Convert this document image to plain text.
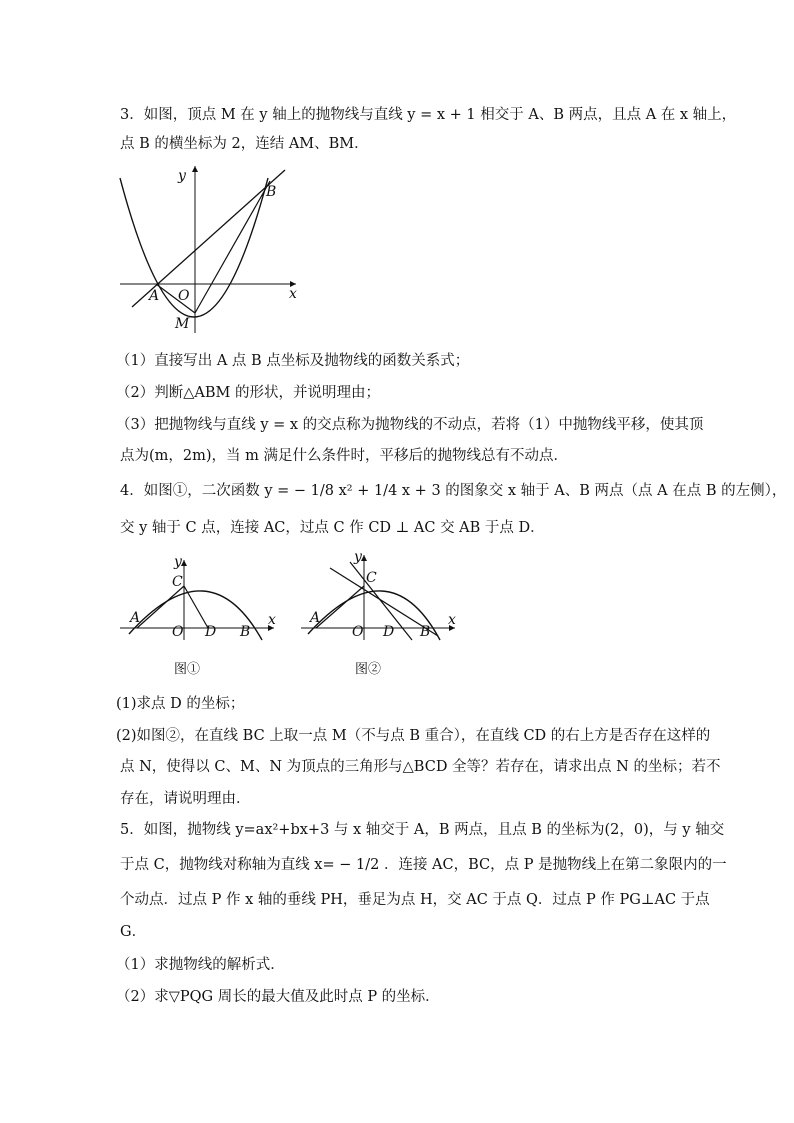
3．如图，顶点 M 在 y 轴上的抛物线与直线 y = x + 1 相交于 A、B 两点，且点 A 在 x 轴上，
点 B 的横坐标为 2，连结 AM、BM．
y
x
O
A
B
M
y
C
A
O D B
x
图①
y
C
A
O D B
x
图②
（1）直接写出 A 点 B 点坐标及抛物线的函数关系式；
（2）判断△ABM 的形状，并说明理由；
（3）把抛物线与直线 y = x 的交点称为抛物线的不动点，若将（1）中抛物线平移，使其顶
点为(m，2m)，当 m 满足什么条件时，平移后的抛物线总有不动点．
4．如图①，二次函数 y = − 1/8 x² + 1/4 x + 3 的图象交 x 轴于 A、B 两点（点 A 在点 B 的左侧），
交 y 轴于 C 点，连接 AC，过点 C 作 CD ⊥ AC 交 AB 于点 D．
(1)求点 D 的坐标；
(2)如图②，在直线 BC 上取一点 M（不与点 B 重合），在直线 CD 的右上方是否存在这样的
点 N，使得以 C、M、N 为顶点的三角形与△BCD 全等？若存在，请求出点 N 的坐标；若不
存在，请说明理由．
5．如图，抛物线 y=ax²+bx+3 与 x 轴交于 A，B 两点，且点 B 的坐标为(2，0)，与 y 轴交
于点 C，抛物线对称轴为直线 x= − 1/2 ．连接 AC，BC，点 P 是抛物线上在第二象限内的一
个动点．过点 P 作 x 轴的垂线 PH，垂足为点 H，交 AC 于点 Q．过点 P 作 PG⊥AC 于点
G．
（1）求抛物线的解析式．
（2）求▽PQG 周长的最大值及此时点 P 的坐标．
